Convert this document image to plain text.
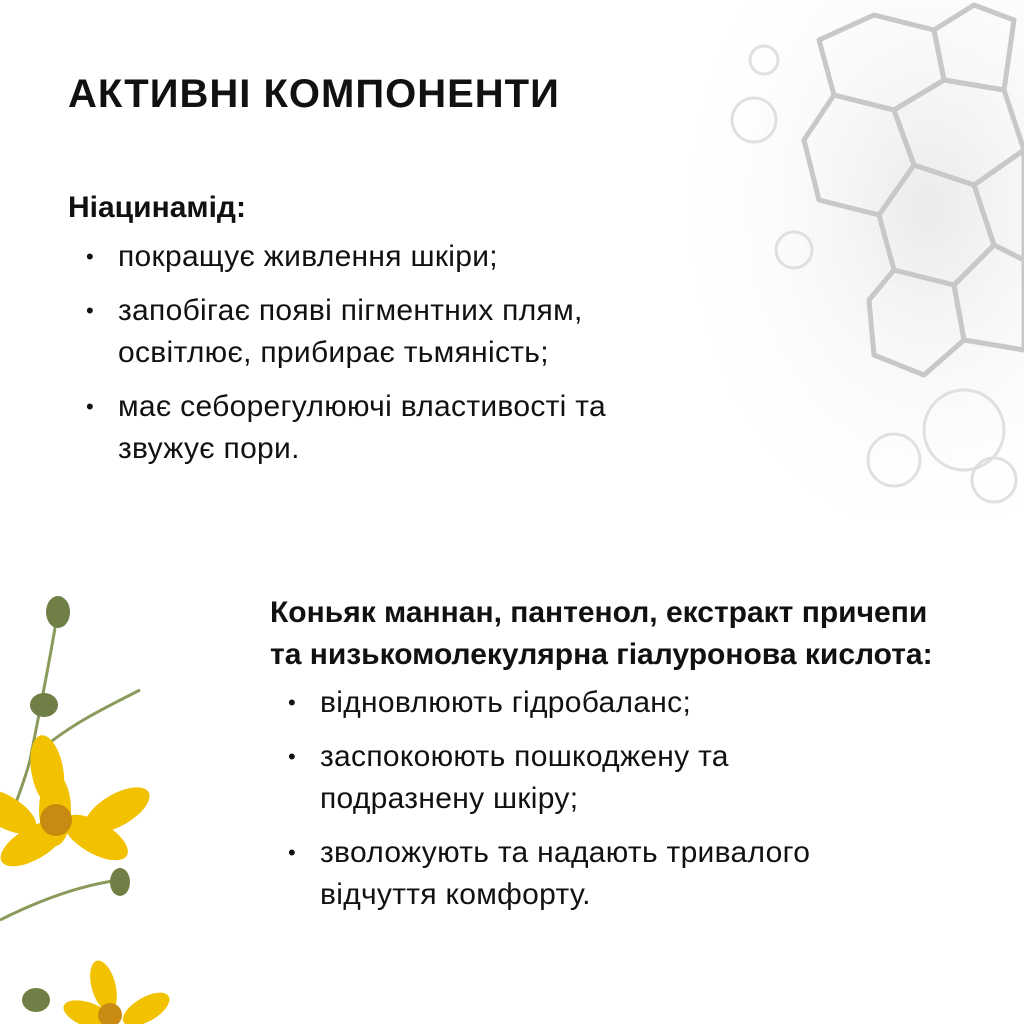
АКТИВНІ КОМПОНЕНТИ
Ніацинамід:
• покращує живлення шкіри;
• запобігає появі пігментних плям, освітлює, прибирає тьмяність;
• має себорегулюючі властивості та звужує пори.
Коньяк маннан, пантенол, екстракт причепи та низькомолекулярна гіалуронова кислота:
• відновлюють гідробаланс;
• заспокоюють пошкоджену та подразнену шкіру;
• зволожують та надають тривалого відчуття комфорту.
